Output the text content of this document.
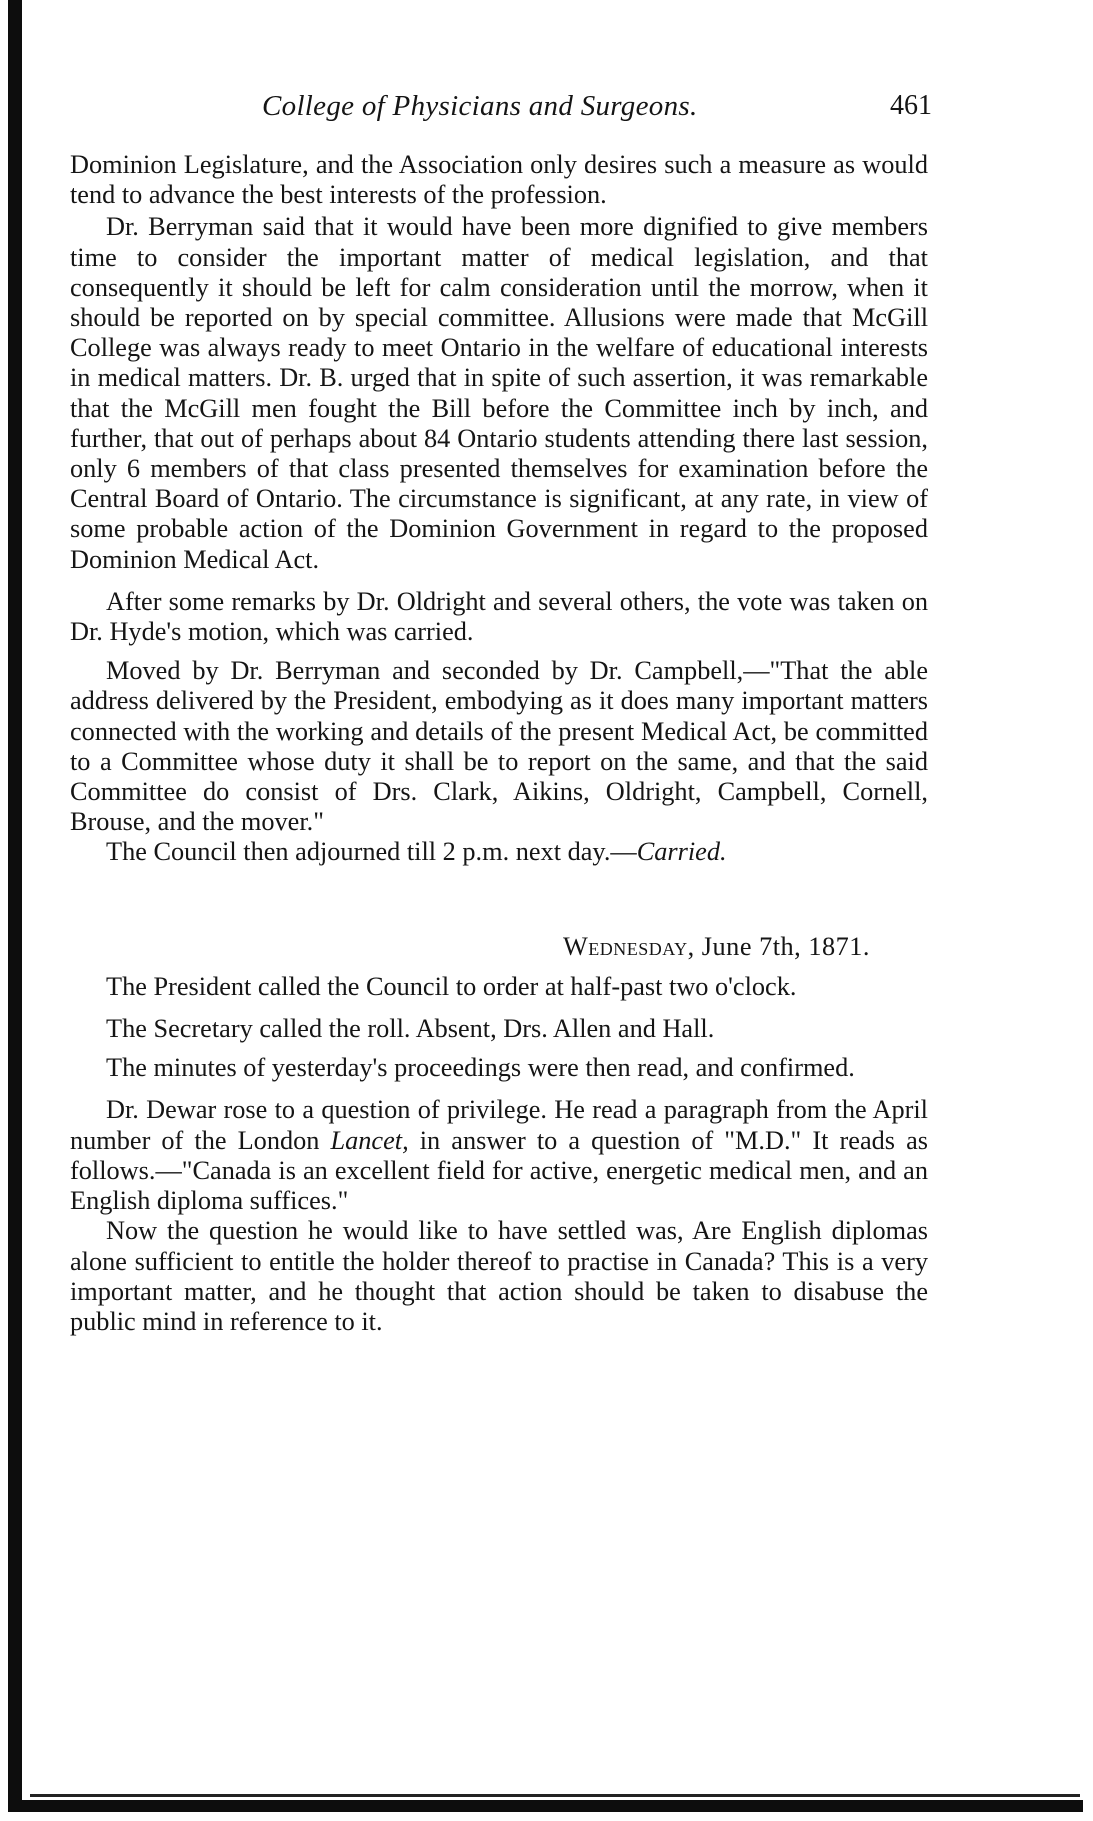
College of Physicians and Surgeons.	461

Dominion Legislature, and the Association only desires such a measure as would tend to advance the best interests of the profession.

Dr. Berryman said that it would have been more dignified to give members time to consider the important matter of medical legislation, and that consequently it should be left for calm consideration until the morrow, when it should be reported on by special committee. Allusions were made that McGill College was always ready to meet Ontario in the welfare of educational interests in medical matters. Dr. B. urged that in spite of such assertion, it was remarkable that the McGill men fought the Bill before the Committee inch by inch, and further, that out of perhaps about 84 Ontario students attending there last session, only 6 members of that class presented themselves for examination before the Central Board of Ontario. The circumstance is significant, at any rate, in view of some probable action of the Dominion Government in regard to the proposed Dominion Medical Act.

After some remarks by Dr. Oldright and several others, the vote was taken on Dr. Hyde's motion, which was carried.

Moved by Dr. Berryman and seconded by Dr. Campbell,—"That the able address delivered by the President, embodying as it does many important matters connected with the working and details of the present Medical Act, be committed to a Committee whose duty it shall be to report on the same, and that the said Committee do consist of Drs. Clark, Aikins, Oldright, Campbell, Cornell, Brouse, and the mover."

The Council then adjourned till 2 p.m. next day.—Carried.

Wednesday, June 7th, 1871.

The President called the Council to order at half-past two o'clock.

The Secretary called the roll. Absent, Drs. Allen and Hall.

The minutes of yesterday's proceedings were then read, and confirmed.

Dr. Dewar rose to a question of privilege. He read a paragraph from the April number of the London Lancet, in answer to a question of "M.D." It reads as follows.—"Canada is an excellent field for active, energetic medical men, and an English diploma suffices."

Now the question he would like to have settled was, Are English diplomas alone sufficient to entitle the holder thereof to practise in Canada? This is a very important matter, and he thought that action should be taken to disabuse the public mind in reference to it.
